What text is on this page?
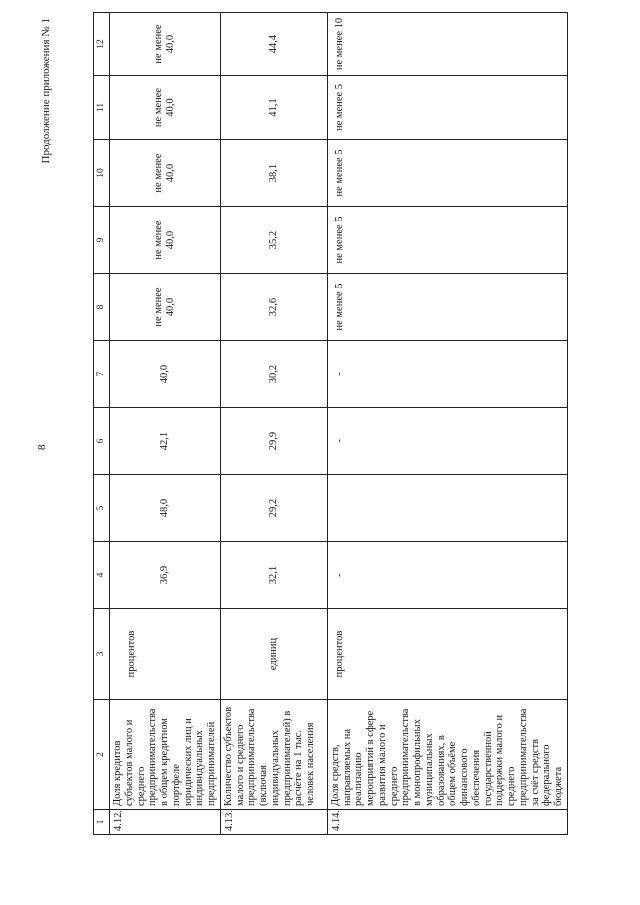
8
Продолжение приложения № 1
1	2	3	4	5	6	7	8	9	10	11	12
4.12.	Доля кредитов субъектов малого и среднего предпринимательства в общем кредитном портфеле юридических лиц и индивидуальных предпринимателей	процентов	36,9	48,0	42,1	40,0	не менее 40,0	не менее 40,0	не менее 40,0	не менее 40,0	не менее 40,0
4.13.	Количество субъектов малого и среднего предпринимательства (включая индивидуальных предпринимателей) в расчёте на 1 тыс. человек населения	единиц	32,1	29,2	29,9	30,2	32,6	35,2	38,1	41,1	44,4
4.14.	Доля средств, направляемых на реализацию мероприятий в сфере развития малого и среднего предпринимательства в монопрофильных муниципальных образованиях, в общем объёме финансового обеспечения государственной поддержки малого и среднего предпринимательства за счёт средств федерального бюджета	процентов	-		-	-	не менее 5	не менее 5	не менее 5	не менее 5	не менее 10
